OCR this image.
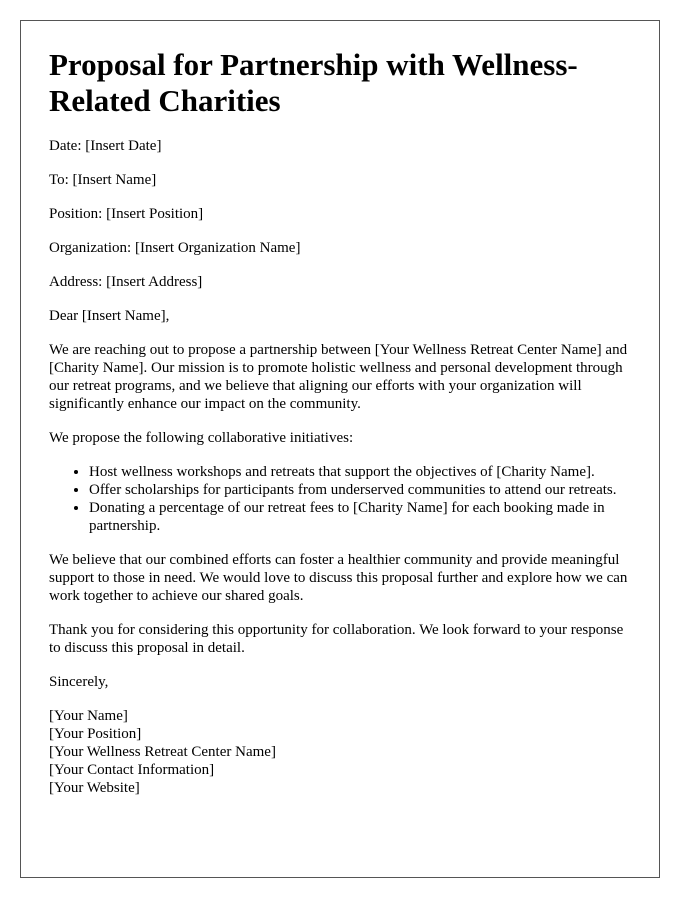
Proposal for Partnership with Wellness-Related Charities

Date: [Insert Date]

To: [Insert Name]

Position: [Insert Position]

Organization: [Insert Organization Name]

Address: [Insert Address]

Dear [Insert Name],

We are reaching out to propose a partnership between [Your Wellness Retreat Center Name] and [Charity Name]. Our mission is to promote holistic wellness and personal development through our retreat programs, and we believe that aligning our efforts with your organization will significantly enhance our impact on the community.

We propose the following collaborative initiatives:

• Host wellness workshops and retreats that support the objectives of [Charity Name].
• Offer scholarships for participants from underserved communities to attend our retreats.
• Donating a percentage of our retreat fees to [Charity Name] for each booking made in partnership.

We believe that our combined efforts can foster a healthier community and provide meaningful support to those in need. We would love to discuss this proposal further and explore how we can work together to achieve our shared goals.

Thank you for considering this opportunity for collaboration. We look forward to your response to discuss this proposal in detail.

Sincerely,

[Your Name]
[Your Position]
[Your Wellness Retreat Center Name]
[Your Contact Information]
[Your Website]
